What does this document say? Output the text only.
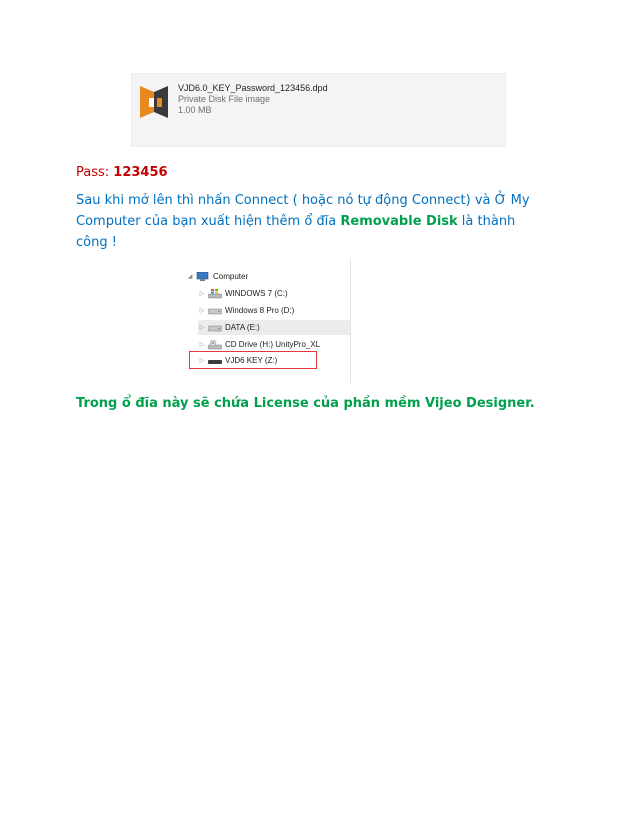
VJD6.0_KEY_Password_123456.dpd
Private Disk File image
1.00 MB
Pass: 123456
Sau khi mở lên thì nhấn Connect ( hoặc nó tự động Connect) và Ở My
Computer của bạn xuất hiện thêm ổ đĩa Removable Disk là thành
công !
◢	Computer
▷	WINDOWS 7 (C:)
▷	Windows 8 Pro (D:)
▷	DATA (E:)
▷	CD Drive (H:) UnityPro_XL
▷	VJD6 KEY (Z:)
Trong ổ đĩa này sẽ chứa License của phần mềm Vijeo Designer.
